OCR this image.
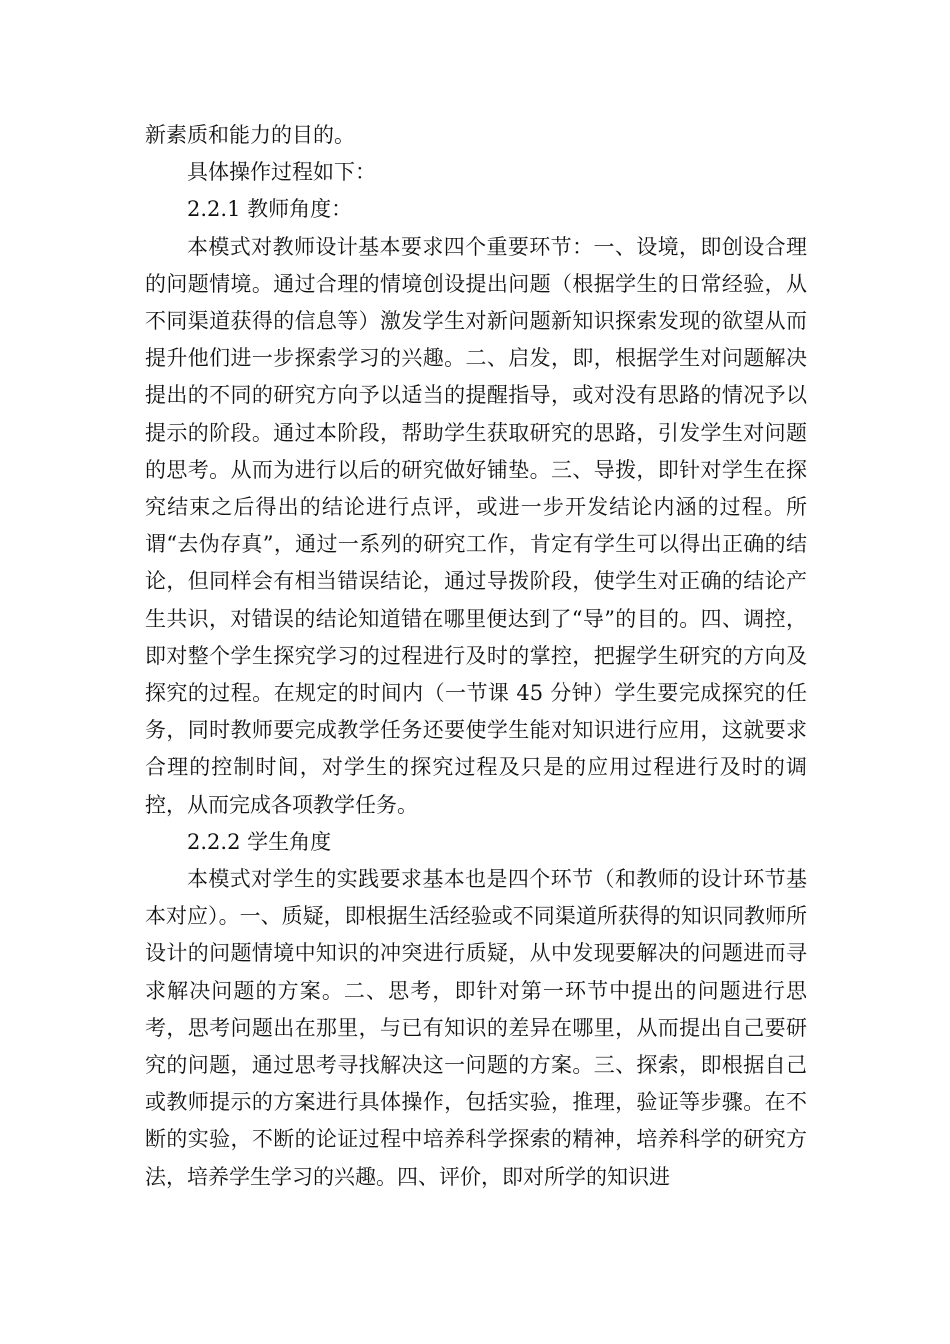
新素质和能力的目的。

具体操作过程如下：

2.2.1 教师角度：

本模式对教师设计基本要求四个重要环节：一、设境，即创设合理的问题情境。通过合理的情境创设提出问题（根据学生的日常经验，从不同渠道获得的信息等）激发学生对新问题新知识探索发现的欲望从而提升他们进一步探索学习的兴趣。二、启发，即，根据学生对问题解决提出的不同的研究方向予以适当的提醒指导，或对没有思路的情况予以提示的阶段。通过本阶段，帮助学生获取研究的思路，引发学生对问题的思考。从而为进行以后的研究做好铺垫。三、导拨，即针对学生在探究结束之后得出的结论进行点评，或进一步开发结论内涵的过程。所谓“去伪存真”，通过一系列的研究工作，肯定有学生可以得出正确的结论，但同样会有相当错误结论，通过导拨阶段，使学生对正确的结论产生共识，对错误的结论知道错在哪里便达到了“导”的目的。四、调控，即对整个学生探究学习的过程进行及时的掌控，把握学生研究的方向及探究的过程。在规定的时间内（一节课 45 分钟）学生要完成探究的任务，同时教师要完成教学任务还要使学生能对知识进行应用，这就要求合理的控制时间，对学生的探究过程及只是的应用过程进行及时的调控，从而完成各项教学任务。

2.2.2 学生角度

本模式对学生的实践要求基本也是四个环节（和教师的设计环节基本对应）。一、质疑，即根据生活经验或不同渠道所获得的知识同教师所设计的问题情境中知识的冲突进行质疑，从中发现要解决的问题进而寻求解决问题的方案。二、思考，即针对第一环节中提出的问题进行思考，思考问题出在那里，与已有知识的差异在哪里，从而提出自己要研究的问题，通过思考寻找解决这一问题的方案。三、探索，即根据自己或教师提示的方案进行具体操作，包括实验，推理，验证等步骤。在不断的实验，不断的论证过程中培养科学探索的精神，培养科学的研究方法，培养学生学习的兴趣。四、评价，即对所学的知识进
